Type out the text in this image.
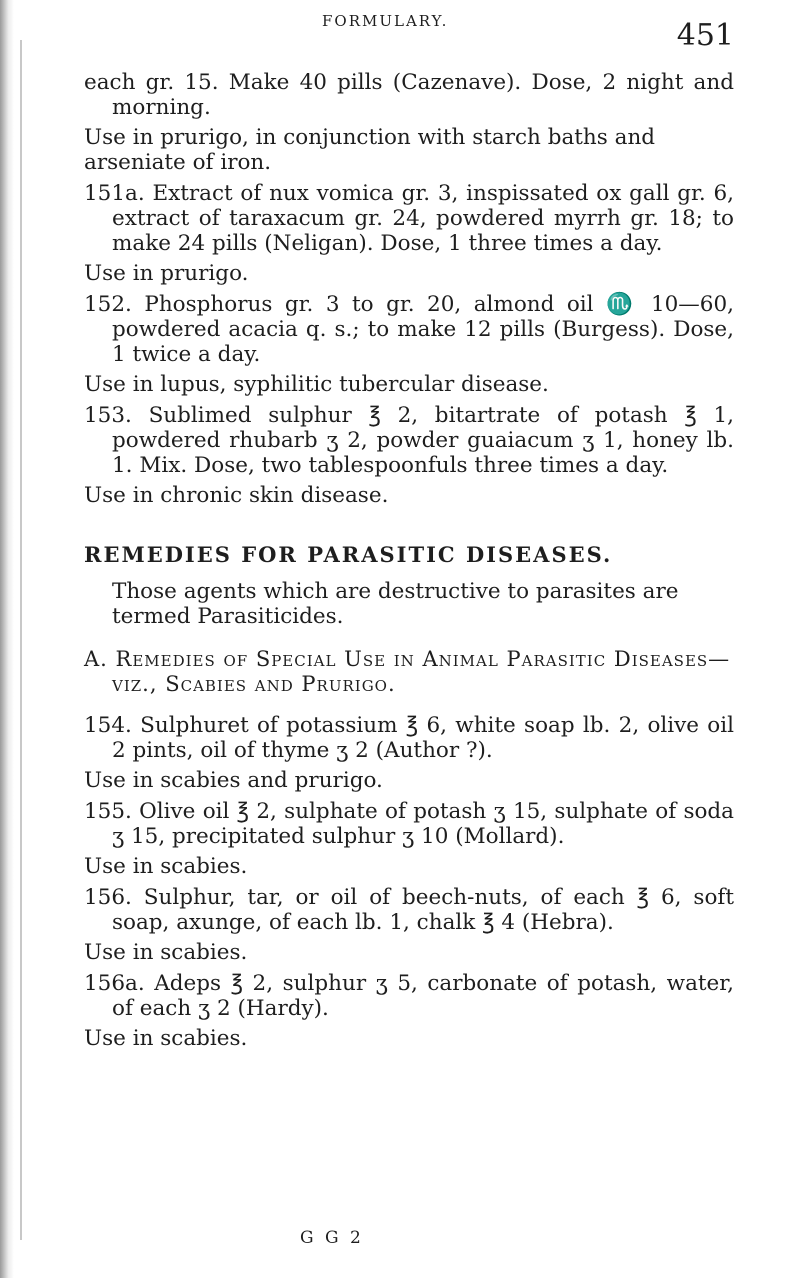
FORMULARY.	451

each gr. 15. Make 40 pills (Cazenave). Dose, 2 night and morning.

Use in prurigo, in conjunction with starch baths and arseniate of iron.

151a. Extract of nux vomica gr. 3, inspissated ox gall gr. 6, extract of taraxacum gr. 24, powdered myrrh gr. 18; to make 24 pills (Neligan). Dose, 1 three times a day.

Use in prurigo.

152. Phosphorus gr. 3 to gr. 20, almond oil ♏ 10—60, powdered acacia q. s.; to make 12 pills (Burgess). Dose, 1 twice a day.

Use in lupus, syphilitic tubercular disease.

153. Sublimed sulphur ℥ 2, bitartrate of potash ℥ 1, powdered rhubarb ʒ 2, powder guaiacum ʒ 1, honey lb. 1. Mix. Dose, two tablespoonfuls three times a day.

Use in chronic skin disease.

REMEDIES FOR PARASITIC DISEASES.

Those agents which are destructive to parasites are termed Parasiticides.

A. Remedies of Special Use in Animal Parasitic Diseases—viz., Scabies and Prurigo.

154. Sulphuret of potassium ℥ 6, white soap lb. 2, olive oil 2 pints, oil of thyme ʒ 2 (Author ?).

Use in scabies and prurigo.

155. Olive oil ℥ 2, sulphate of potash ʒ 15, sulphate of soda ʒ 15, precipitated sulphur ʒ 10 (Mollard).

Use in scabies.

156. Sulphur, tar, or oil of beech-nuts, of each ℥ 6, soft soap, axunge, of each lb. 1, chalk ℥ 4 (Hebra).

Use in scabies.

156a. Adeps ℥ 2, sulphur ʒ 5, carbonate of potash, water, of each ʒ 2 (Hardy).

Use in scabies.

G G 2
